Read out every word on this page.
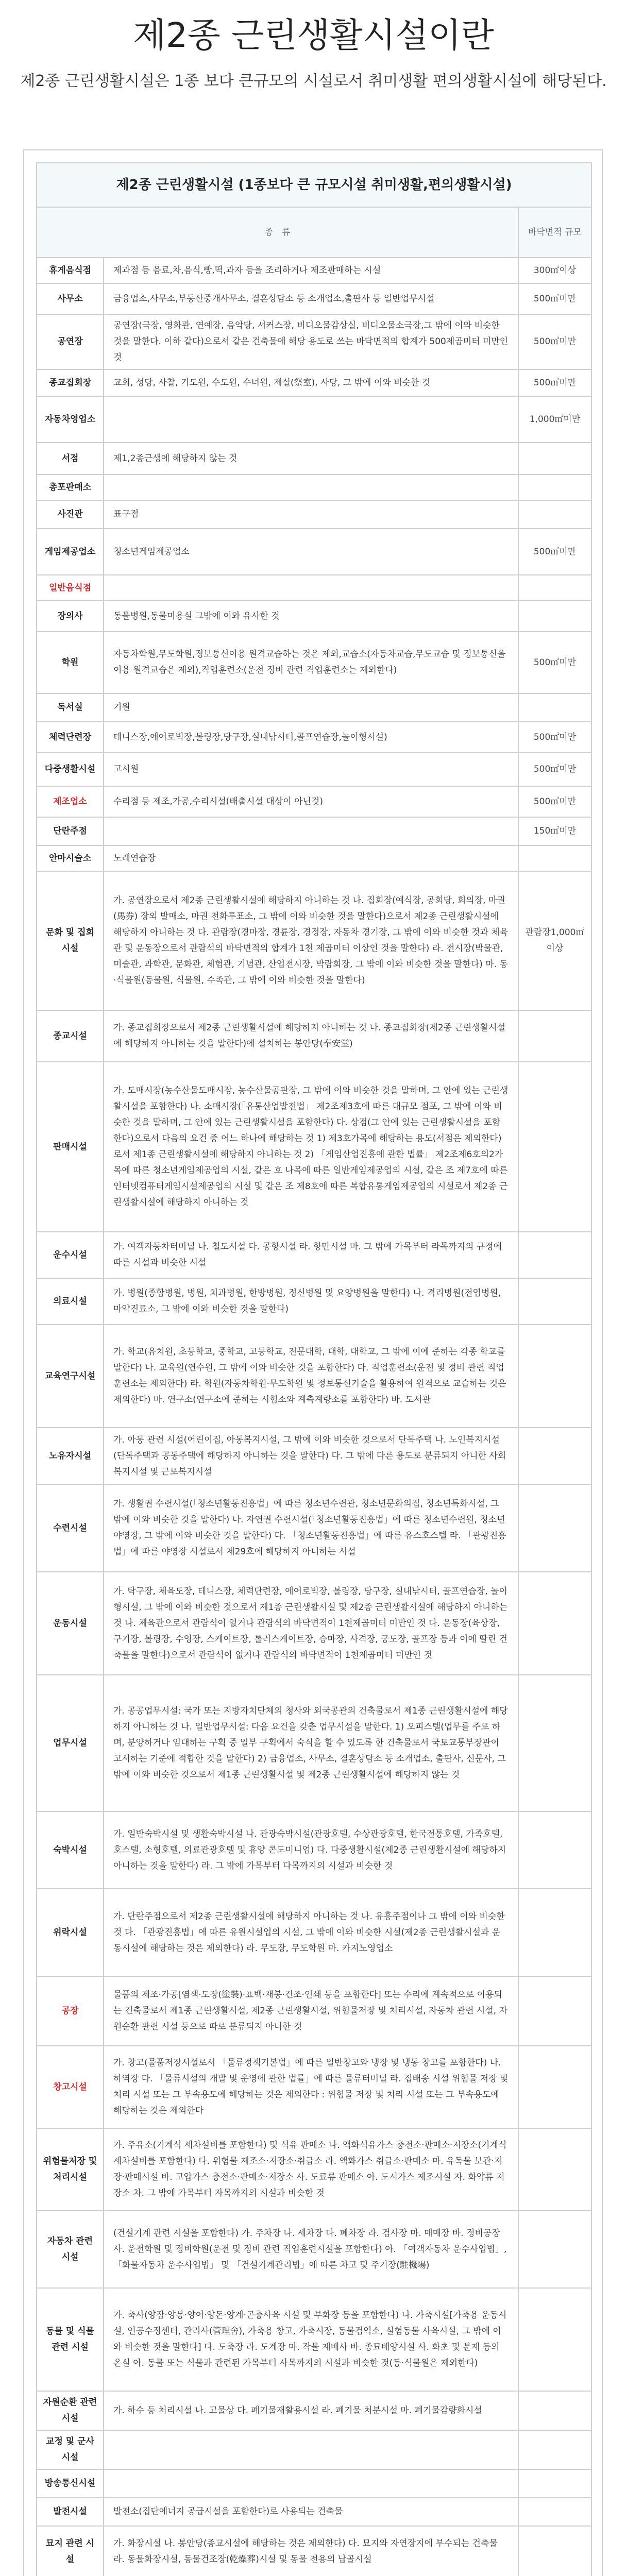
제2종 근린생활시설이란

제2종 근린생활시설은 1종 보다 큰규모의 시설로서 취미생활 편의생활시설에 해당된다.

제2종 근린생활시설 (1종보다 큰 규모시설 취미생활,편의생활시설)		
종　류		바닥면적 규모
휴게음식점	제과점 등 음료,차,음식,빵,떡,과자 등을 조리하거나 제조판매하는 시설	300㎡이상
사무소	금융업소,사무소,부동산중개사무소, 결혼상담소 등 소개업소,출판사 등 일반업무시설	500㎡미만
공연장	공연장(극장, 영화관, 연예장, 음악당, 서커스장, 비디오물감상실, 비디오물소극장,그 밖에 이와 비슷한 것을 말한다. 이하 같다)으로서 같은 건축물에 해당 용도로 쓰는 바닥면적의 합계가 500제곱미터 미만인 것	500㎡미만
종교집회장	교회, 성당, 사찰, 기도원, 수도원, 수녀원, 제실(祭室), 사당, 그 밖에 이와 비슷한 것	500㎡미만
자동차영업소		1,000㎡미만
서점	제1,2종근생에 해당하지 않는 것	
총포판매소		
사진관	표구점	
게임제공업소	청소년게임제공업소	500㎡미만
일반음식점		
장의사	동물병원,동물미용실 그밖에 이와 유사한 것	
학원	자동차학원,무도학원,정보통신이용 원격교습하는 것은 제외,교습소(자동차교습,무도교습 및 정보통신을 이용 원격교습은 제외),직업훈련소(운전 정비 관련 직업훈련소는 제외한다)	500㎡미만
독서실	기원	
체력단련장	테니스장,에어로빅장,볼링장,당구장,실내낚시터,골프연습장,놀이형시설)	500㎡미만
다중생활시설	고시원	500㎡미만
제조업소	수리점 등 제조,가공,수리시설(배출시설 대상이 아닌것)	500㎡미만
단란주점		150㎡미만
안마시술소	노래연습장	
문화 및 집회시설	가. 공연장으로서 제2종 근린생활시설에 해당하지 아니하는 것 나. 집회장(예식장, 공회당, 회의장, 마권(馬券) 장외 발매소, 마권 전화투표소, 그 밖에 이와 비슷한 것을 말한다)으로서 제2종 근린생활시설에 해당하지 아니하는 것 다. 관람장(경마장, 경륜장, 경정장, 자동차 경기장, 그 밖에 이와 비슷한 것과 체육관 및 운동장으로서 관람석의 바닥면적의 합계가 1천 제곱미터 이상인 것을 말한다) 라. 전시장(박물관, 미술관, 과학관, 문화관, 체험관, 기념관, 산업전시장, 박람회장, 그 밖에 이와 비슷한 것을 말한다) 마. 동·식물원(동물원, 식물원, 수족관, 그 밖에 이와 비슷한 것을 말한다)	관람장1,000㎡이상
종교시설	가. 종교집회장으로서 제2종 근린생활시설에 해당하지 아니하는 것 나. 종교집회장(제2종 근린생활시설에 해당하지 아니하는 것을 말한다)에 설치하는 봉안당(奉安堂)	
판매시설	가. 도매시장(농수산물도매시장, 농수산물공판장, 그 밖에 이와 비슷한 것을 말하며, 그 안에 있는 근린생활시설을 포함한다) 나. 소매시장(「유통산업발전법」 제2조제3호에 따른 대규모 점포, 그 밖에 이와 비슷한 것을 말하며, 그 안에 있는 근린생활시설을 포함한다) 다. 상점(그 안에 있는 근린생활시설을 포함한다)으로서 다음의 요건 중 어느 하나에 해당하는 것 1) 제3호가목에 해당하는 용도(서점은 제외한다)로서 제1종 근린생활시설에 해당하지 아니하는 것 2) 「게임산업진흥에 관한 법률」 제2조제6호의2가목에 따른 청소년게임제공업의 시설, 같은 호 나목에 따른 일반게임제공업의 시설, 같은 조 제7호에 따른 인터넷컴퓨터게임시설제공업의 시설 및 같은 조 제8호에 따른 복합유통게임제공업의 시설로서 제2종 근린생활시설에 해당하지 아니하는 것	
운수시설	가. 여객자동차터미널 나. 철도시설 다. 공항시설 라. 항만시설 마. 그 밖에 가목부터 라목까지의 규정에 따른 시설과 비슷한 시설	
의료시설	가. 병원(종합병원, 병원, 치과병원, 한방병원, 정신병원 및 요양병원을 말한다) 나. 격리병원(전염병원, 마약진료소, 그 밖에 이와 비슷한 것을 말한다)	
교육연구시설	가. 학교(유치원, 초등학교, 중학교, 고등학교, 전문대학, 대학, 대학교, 그 밖에 이에 준하는 각종 학교를 말한다) 나. 교육원(연수원, 그 밖에 이와 비슷한 것을 포함한다) 다. 직업훈련소(운전 및 정비 관련 직업훈련소는 제외한다) 라. 학원(자동차학원·무도학원 및 정보통신기술을 활용하여 원격으로 교습하는 것은 제외한다) 마. 연구소(연구소에 준하는 시험소와 계측계량소를 포함한다) 바. 도서관	
노유자시설	가. 아동 관련 시설(어린이집, 아동복지시설, 그 밖에 이와 비슷한 것으로서 단독주택 나. 노인복지시설(단독주택과 공동주택에 해당하지 아니하는 것을 말한다) 다. 그 밖에 다른 용도로 분류되지 아니한 사회복지시설 및 근로복지시설	
수련시설	가. 생활권 수련시설(「청소년활동진흥법」에 따른 청소년수련관, 청소년문화의집, 청소년특화시설, 그 밖에 이와 비슷한 것을 말한다) 나. 자연권 수련시설(「청소년활동진흥법」에 따른 청소년수련원, 청소년야영장, 그 밖에 이와 비슷한 것을 말한다) 다. 「청소년활동진흥법」에 따른 유스호스텔 라. 「관광진흥법」에 따른 야영장 시설로서 제29호에 해당하지 아니하는 시설	
운동시설	가. 탁구장, 체육도장, 테니스장, 체력단련장, 에어로빅장, 볼링장, 당구장, 실내낚시터, 골프연습장, 놀이형시설, 그 밖에 이와 비슷한 것으로서 제1종 근린생활시설 및 제2종 근린생활시설에 해당하지 아니하는 것 나. 체육관으로서 관람석이 없거나 관람석의 바닥면적이 1천제곱미터 미만인 것 다. 운동장(육상장, 구기장, 볼링장, 수영장, 스케이트장, 롤러스케이트장, 승마장, 사격장, 궁도장, 골프장 등과 이에 딸린 건축물을 말한다)으로서 관람석이 없거나 관람석의 바닥면적이 1천제곱미터 미만인 것	
업무시설	가. 공공업무시설: 국가 또는 지방자치단체의 청사와 외국공관의 건축물로서 제1종 근린생활시설에 해당하지 아니하는 것 나. 일반업무시설: 다음 요건을 갖춘 업무시설을 말한다. 1) 오피스텔(업무를 주로 하며, 분양하거나 임대하는 구획 중 일부 구획에서 숙식을 할 수 있도록 한 건축물로서 국토교통부장관이 고시하는 기준에 적합한 것을 말한다) 2) 금융업소, 사무소, 결혼상담소 등 소개업소, 출판사, 신문사, 그 밖에 이와 비슷한 것으로서 제1종 근린생활시설 및 제2종 근린생활시설에 해당하지 않는 것	
숙박시설	가. 일반숙박시설 및 생활숙박시설 나. 관광숙박시설(관광호텔, 수상관광호텔, 한국전통호텔, 가족호텔, 호스텔, 소형호텔, 의료관광호텔 및 휴양 콘도미니엄) 다. 다중생활시설(제2종 근린생활시설에 해당하지 아니하는 것을 말한다) 라. 그 밖에 가목부터 다목까지의 시설과 비슷한 것	
위락시설	가. 단란주점으로서 제2종 근린생활시설에 해당하지 아니하는 것 나. 유흥주점이나 그 밖에 이와 비슷한 것 다. 「관광진흥법」에 따른 유원시설업의 시설, 그 밖에 이와 비슷한 시설(제2종 근린생활시설과 운동시설에 해당하는 것은 제외한다) 라. 무도장, 무도학원 마. 카지노영업소	
공장	물품의 제조·가공[염색·도장(塗裝)·표백·재봉·건조·인쇄 등을 포함한다] 또는 수리에 계속적으로 이용되는 건축물로서 제1종 근린생활시설, 제2종 근린생활시설, 위험물저장 및 처리시설, 자동차 관련 시설, 자원순환 관련 시설 등으로 따로 분류되지 아니한 것	
창고시설	가. 창고(물품저장시설로서 「물류정책기본법」에 따른 일반창고와 냉장 및 냉동 창고를 포함한다) 나. 하역장 다. 「물류시설의 개발 및 운영에 관한 법률」에 따른 물류터미널 라. 집배송 시설 위험물 저장 및 처리 시설 또는 그 부속용도에 해당하는 것은 제외한다 : 위험물 저장 및 처리 시설 또는 그 부속용도에 해당하는 것은 제외한다	
위험물저장 및 처리시설	가. 주유소(기계식 세차설비를 포함한다) 및 석유 판매소 나. 액화석유가스 충전소·판매소·저장소(기계식 세차설비를 포함한다) 다. 위험물 제조소·저장소·취급소 라. 액화가스 취급소·판매소 마. 유독물 보관·저장·판매시설 바. 고압가스 충전소·판매소·저장소 사. 도료류 판매소 아. 도시가스 제조시설 자. 화약류 저장소 차. 그 밖에 가목부터 자목까지의 시설과 비슷한 것	
자동차 관련 시설	(건설기계 관련 시설을 포함한다) 가. 주차장 나. 세차장 다. 폐차장 라. 검사장 마. 매매장 바. 정비공장 사. 운전학원 및 정비학원(운전 및 정비 관련 직업훈련시설을 포함한다) 아. 「여객자동차 운수사업법」, 「화물자동차 운수사업법」 및 「건설기계관리법」에 따른 차고 및 주기장(駐機場)	
동물 및 식물 관련 시설	가. 축사(양잠·양봉·양어·양돈·양계·곤충사육 시설 및 부화장 등을 포함한다) 나. 가축시설[가축용 운동시설, 인공수정센터, 관리사(管理舍), 가축용 창고, 가축시장, 동물검역소, 실험동물 사육시설, 그 밖에 이와 비슷한 것을 말한다] 다. 도축장 라. 도계장 마. 작물 재배사 바. 종묘배양시설 사. 화초 및 분재 등의 온실 아. 동물 또는 식물과 관련된 가목부터 사목까지의 시설과 비슷한 것(동·식물원은 제외한다)	
자원순환 관련 시설	가. 하수 등 처리시설 나. 고물상 다. 폐기물재활용시설 라. 폐기물 처분시설 마. 폐기물감량화시설	
교정 및 군사시설		
방송통신시설		
발전시설	발전소(집단에너지 공급시설을 포함한다)로 사용되는 건축물	
묘지 관련 시설	가. 화장시설 나. 봉안당(종교시설에 해당하는 것은 제외한다) 다. 묘지와 자연장지에 부수되는 건축물 라. 동물화장시설, 동물건조장(乾燥葬)시설 및 동물 전용의 납골시설	
